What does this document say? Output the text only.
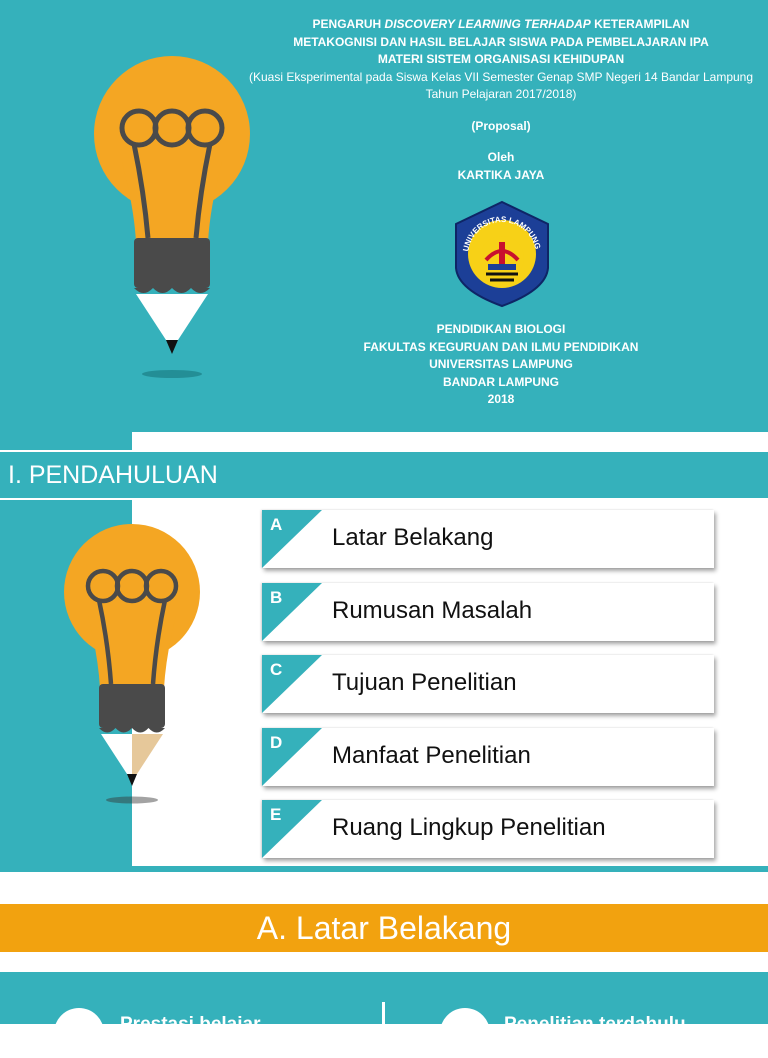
PENGARUH DISCOVERY LEARNING TERHADAP KETERAMPILAN
METAKOGNISI DAN HASIL BELAJAR SISWA PADA PEMBELAJARAN IPA
MATERI SISTEM ORGANISASI KEHIDUPAN
(Kuasi Eksperimental pada Siswa Kelas VII Semester Genap SMP Negeri 14 Bandar Lampung
Tahun Pelajaran 2017/2018)
(Proposal)
Oleh
KARTIKA JAYA
UNIVERSITAS LAMPUNG
PENDIDIKAN BIOLOGI
FAKULTAS KEGURUAN DAN ILMU PENDIDIKAN
UNIVERSITAS LAMPUNG
BANDAR LAMPUNG
2018
I. PENDAHULUAN
A Latar Belakang
B Rumusan Masalah
C Tujuan Penelitian
D Manfaat Penelitian
E Ruang Lingkup Penelitian
A. Latar Belakang
Prestasi belajar	Penelitian terdahulu
